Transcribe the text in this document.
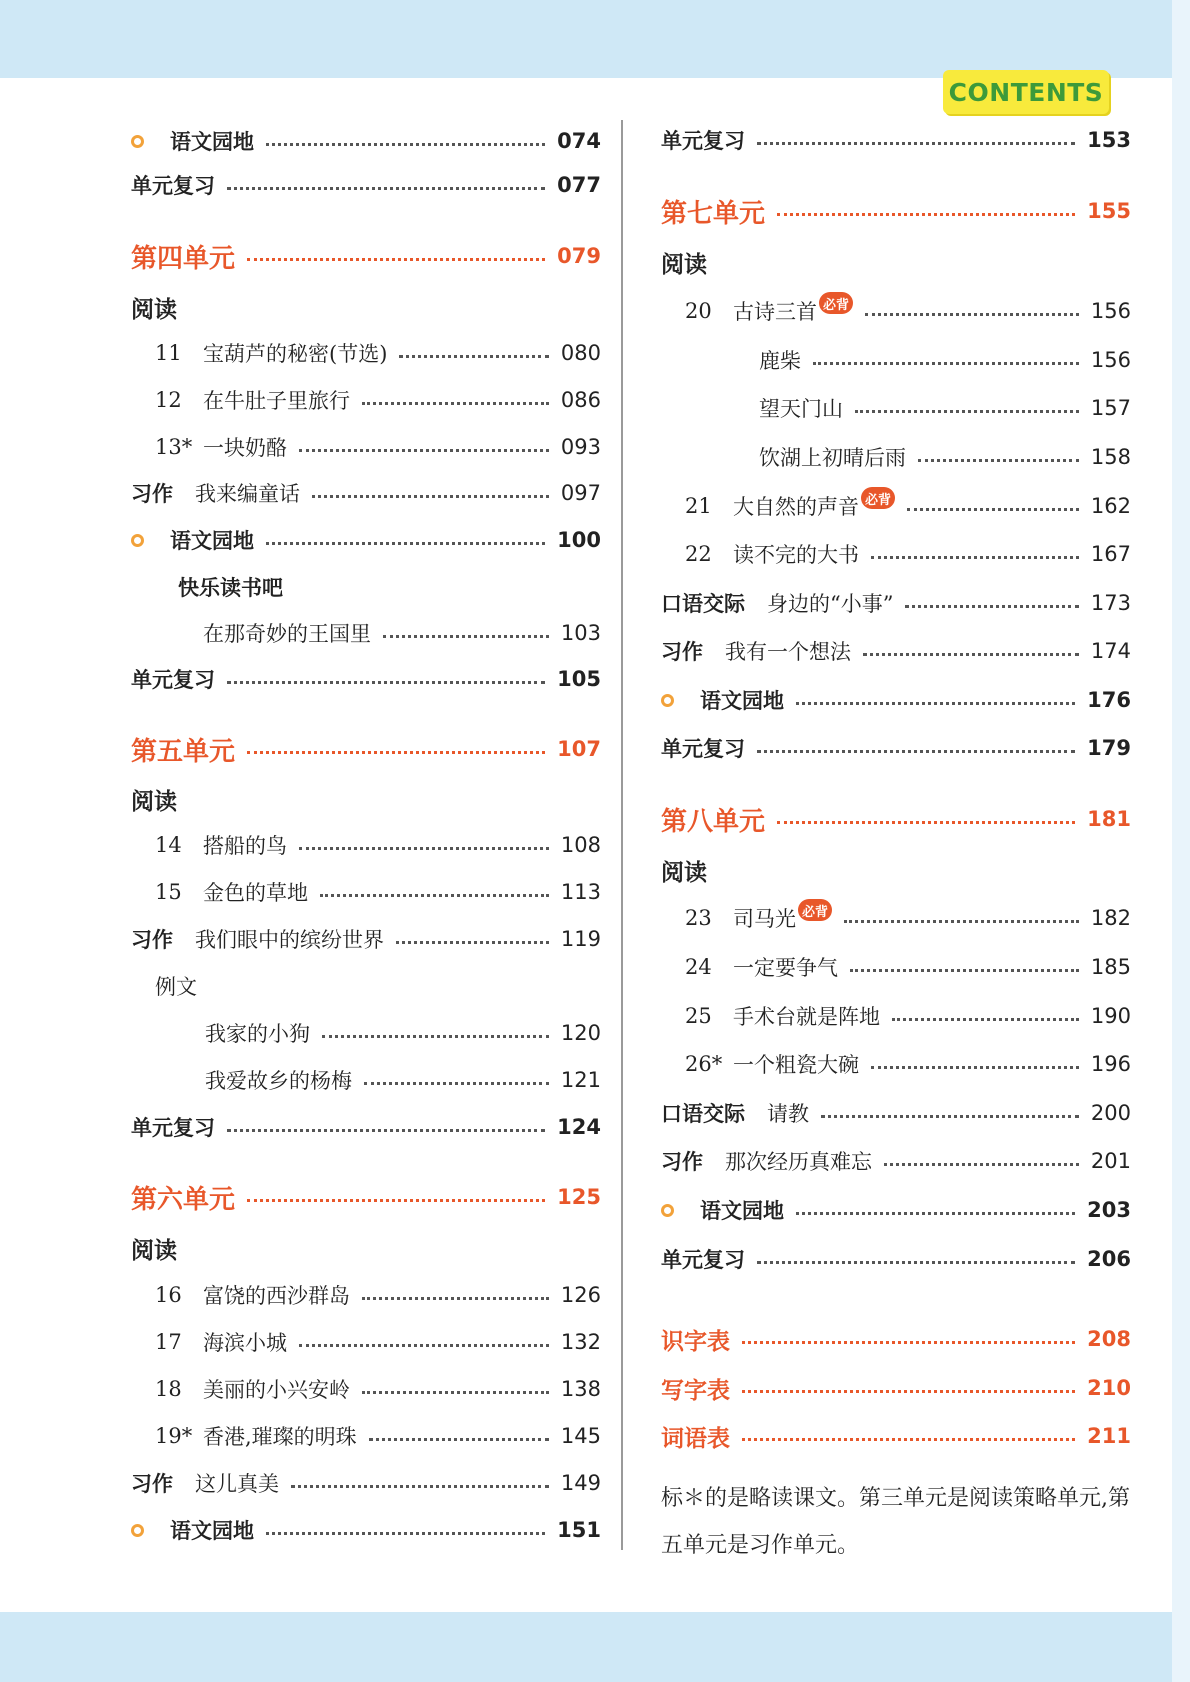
CONTENTS
语文园地	074
单元复习	077
第四单元	079
阅读
11	宝葫芦的秘密(节选)	080
12	在牛肚子里旅行	086
13* 一块奶酪	093
习作 我来编童话	097
语文园地	100
快乐读书吧
在那奇妙的王国里	103
单元复习	105
第五单元	107
阅读
14	搭船的鸟	108
15	金色的草地	113
习作 我们眼中的缤纷世界	119
例文
我家的小狗	120
我爱故乡的杨梅	121
单元复习	124
第六单元	125
阅读
16	富饶的西沙群岛	126
17	海滨小城	132
18	美丽的小兴安岭	138
19* 香港,璀璨的明珠	145
习作 这儿真美	149
语文园地	151
单元复习	153
第七单元	155
阅读
20	古诗三首 必背	156
鹿柴	156
望天门山	157
饮湖上初晴后雨	158
21	大自然的声音 必背	162
22	读不完的大书	167
口语交际 身边的“小事”	173
习作 我有一个想法	174
语文园地	176
单元复习	179
第八单元	181
阅读
23	司马光 必背	182
24	一定要争气	185
25	手术台就是阵地	190
26* 一个粗瓷大碗	196
口语交际 请教	200
习作 那次经历真难忘	201
语文园地	203
单元复习	206
识字表	208
写字表	210
词语表	211
标＊的是略读课文。第三单元是阅读策略单元,第五单元是习作单元。
